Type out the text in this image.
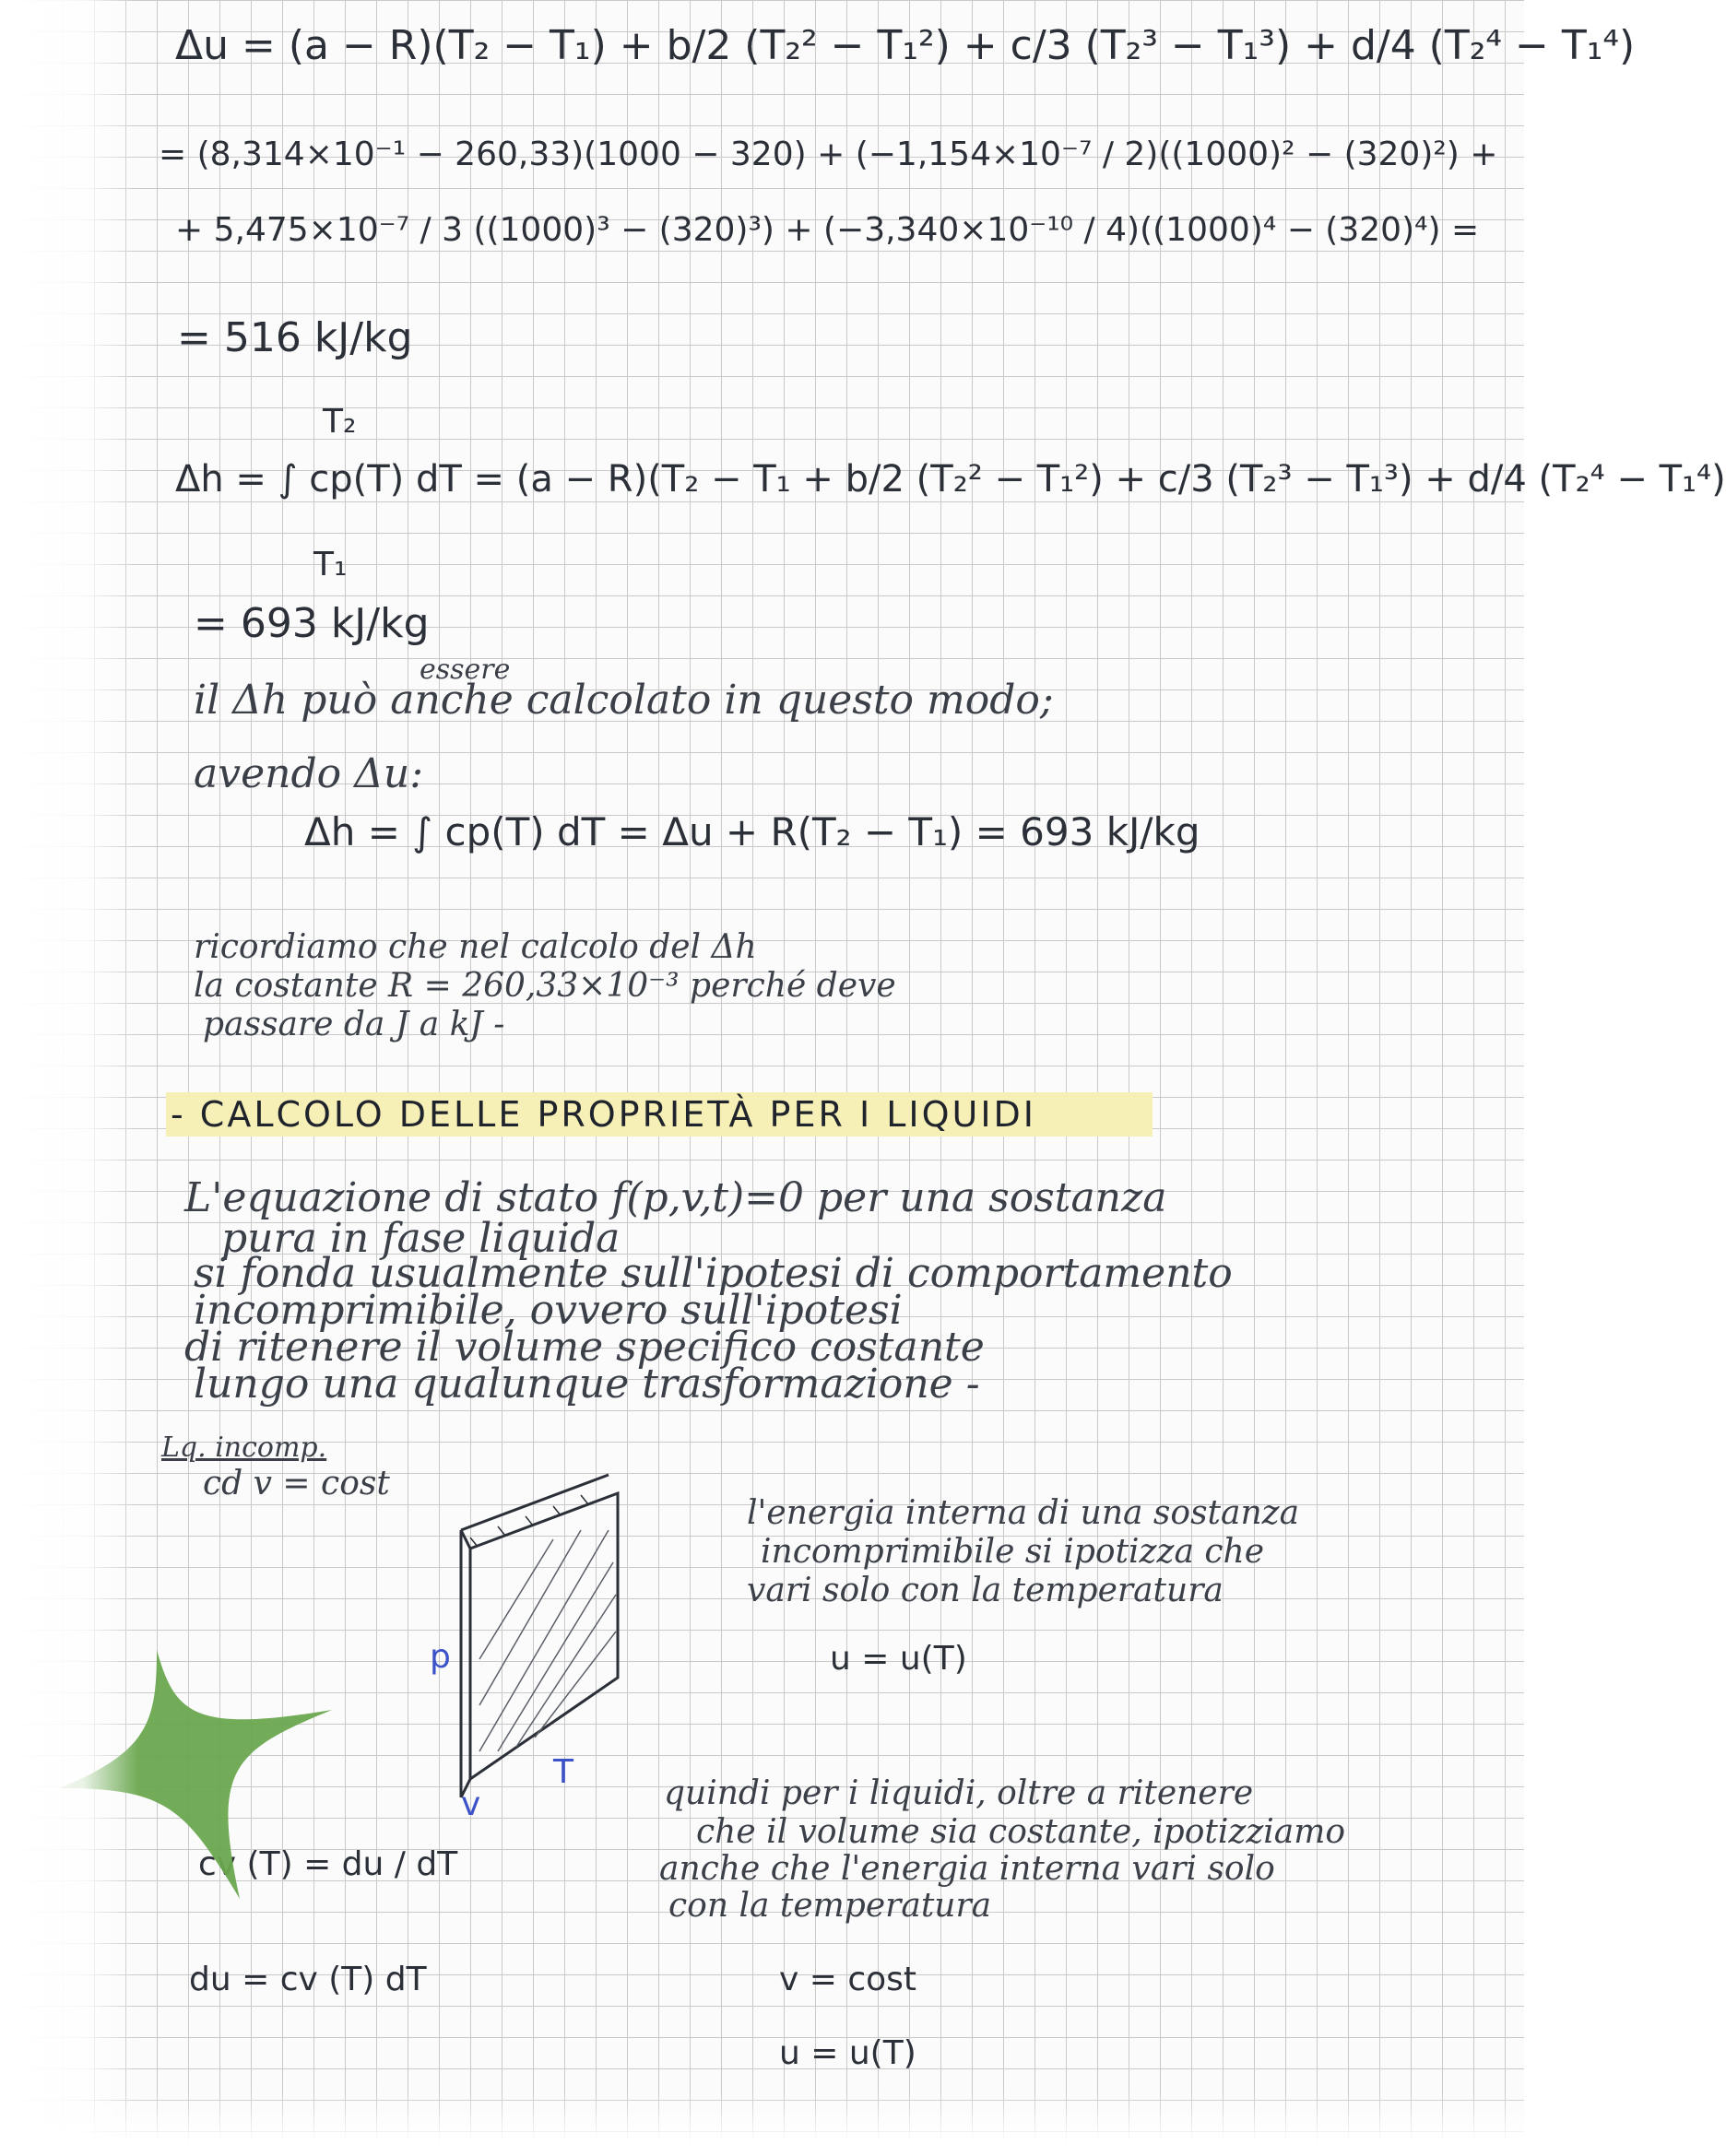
Δu = (a − R)(T₂ − T₁) + b/2 (T₂² − T₁²) + c/3 (T₂³ − T₁³) + d/4 (T₂⁴ − T₁⁴)
= (8,314×10⁻¹ − 260,33)(1000 − 320) + (−1,154×10⁻⁷ / 2)((1000)² − (320)²) +
+ 5,475×10⁻⁷ / 3 ((1000)³ − (320)³) + (−3,340×10⁻¹⁰ / 4)((1000)⁴ − (320)⁴) =
= 516 kJ/kg
T₂
Δh = ∫ cp(T) dT = (a − R)(T₂ − T₁ + b/2 (T₂² − T₁²) + c/3 (T₂³ − T₁³) + d/4 (T₂⁴ − T₁⁴)
T₁
= 693 kJ/kg
essere
il Δh può anche calcolato in questo modo;
avendo Δu:
Δh = ∫ cp(T) dT = Δu + R(T₂ − T₁) = 693 kJ/kg
ricordiamo che nel calcolo del Δh
la costante R = 260,33×10⁻³ perché deve
passare da J a kJ -
- CALCOLO DELLE PROPRIETÀ PER I LIQUIDI
L'equazione di stato f(p,v,t)=0 per una sostanza
pura in fase liquida
si fonda usualmente sull'ipotesi di comportamento
incomprimibile, ovvero sull'ipotesi
di ritenere il volume specifico costante
lungo una qualunque trasformazione -
Lq. incomp.
cd v = cost
p
v
T
l'energia interna di una sostanza
incomprimibile si ipotizza che
vari solo con la temperatura
u = u(T)
quindi per i liquidi, oltre a ritenere
che il volume sia costante, ipotizziamo
anche che l'energia interna vari solo
con la temperatura
v = cost
u = u(T)
cv (T) = du / dT
du = cv (T) dT
